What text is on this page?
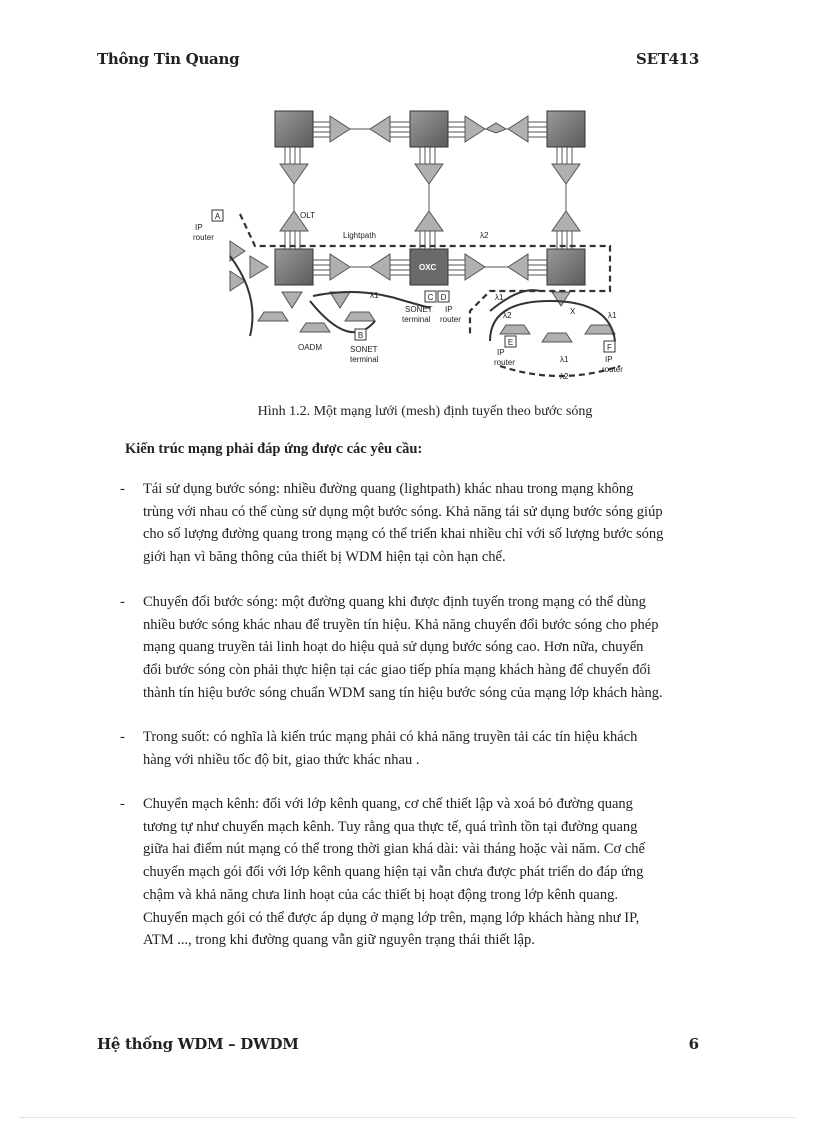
Thông Tin Quang	SET413
A
C D
B
E
F
IP
router
OLT
Lightpath	λ2
OXC
λ1	λ1
SONET
terminal
IP
router
OADM	SONET
terminal
X
λ2	λ1
IP
router	IP
router
λ1
λ2
Hình 1.2. Một mạng lưới (mesh) định tuyến theo bước sóng
Kiến trúc mạng phải đáp ứng được các yêu cầu:
- Tái sử dụng bước sóng: nhiều đường quang (lightpath) khác nhau trong mạng không
trùng với nhau có thể cùng sử dụng một bước sóng. Khả năng tái sử dụng bước sóng giúp
cho số lượng đường quang trong mạng có thể triển khai nhiều chỉ với số lượng bước sóng
giới hạn vì băng thông của thiết bị WDM hiện tại còn hạn chế.
- Chuyển đổi bước sóng: một đường quang khi được định tuyến trong mạng có thể dùng
nhiều bước sóng khác nhau để truyền tín hiệu. Khả năng chuyển đổi bước sóng cho phép
mạng quang truyền tải linh hoạt do hiệu quả sử dụng bước sóng cao. Hơn nữa, chuyển
đổi bước sóng còn phải thực hiện tại các giao tiếp phía mạng khách hàng để chuyển đổi
thành tín hiệu bước sóng chuẩn WDM sang tín hiệu bước sóng của mạng lớp khách hàng.
- Trong suốt: có nghĩa là kiến trúc mạng phải có khả năng truyền tải các tín hiệu khách
hàng với nhiều tốc độ bit, giao thức khác nhau .
- Chuyển mạch kênh: đối với lớp kênh quang, cơ chế thiết lập và xoá bỏ đường quang
tương tự như chuyển mạch kênh. Tuy rằng qua thực tế, quá trình tồn tại đường quang
giữa hai điểm nút mạng có thể trong thời gian khá dài: vài tháng hoặc vài năm. Cơ chế
chuyển mạch gói đối với lớp kênh quang hiện tại vẫn chưa được phát triển do đáp ứng
chậm và khả năng chưa linh hoạt của các thiết bị hoạt động trong lớp kênh quang.
Chuyển mạch gói có thể được áp dụng ở mạng lớp trên, mạng lớp khách hàng như IP,
ATM ..., trong khi đường quang vẫn giữ nguyên trạng thái thiết lập.
Hệ thống WDM – DWDM	6
